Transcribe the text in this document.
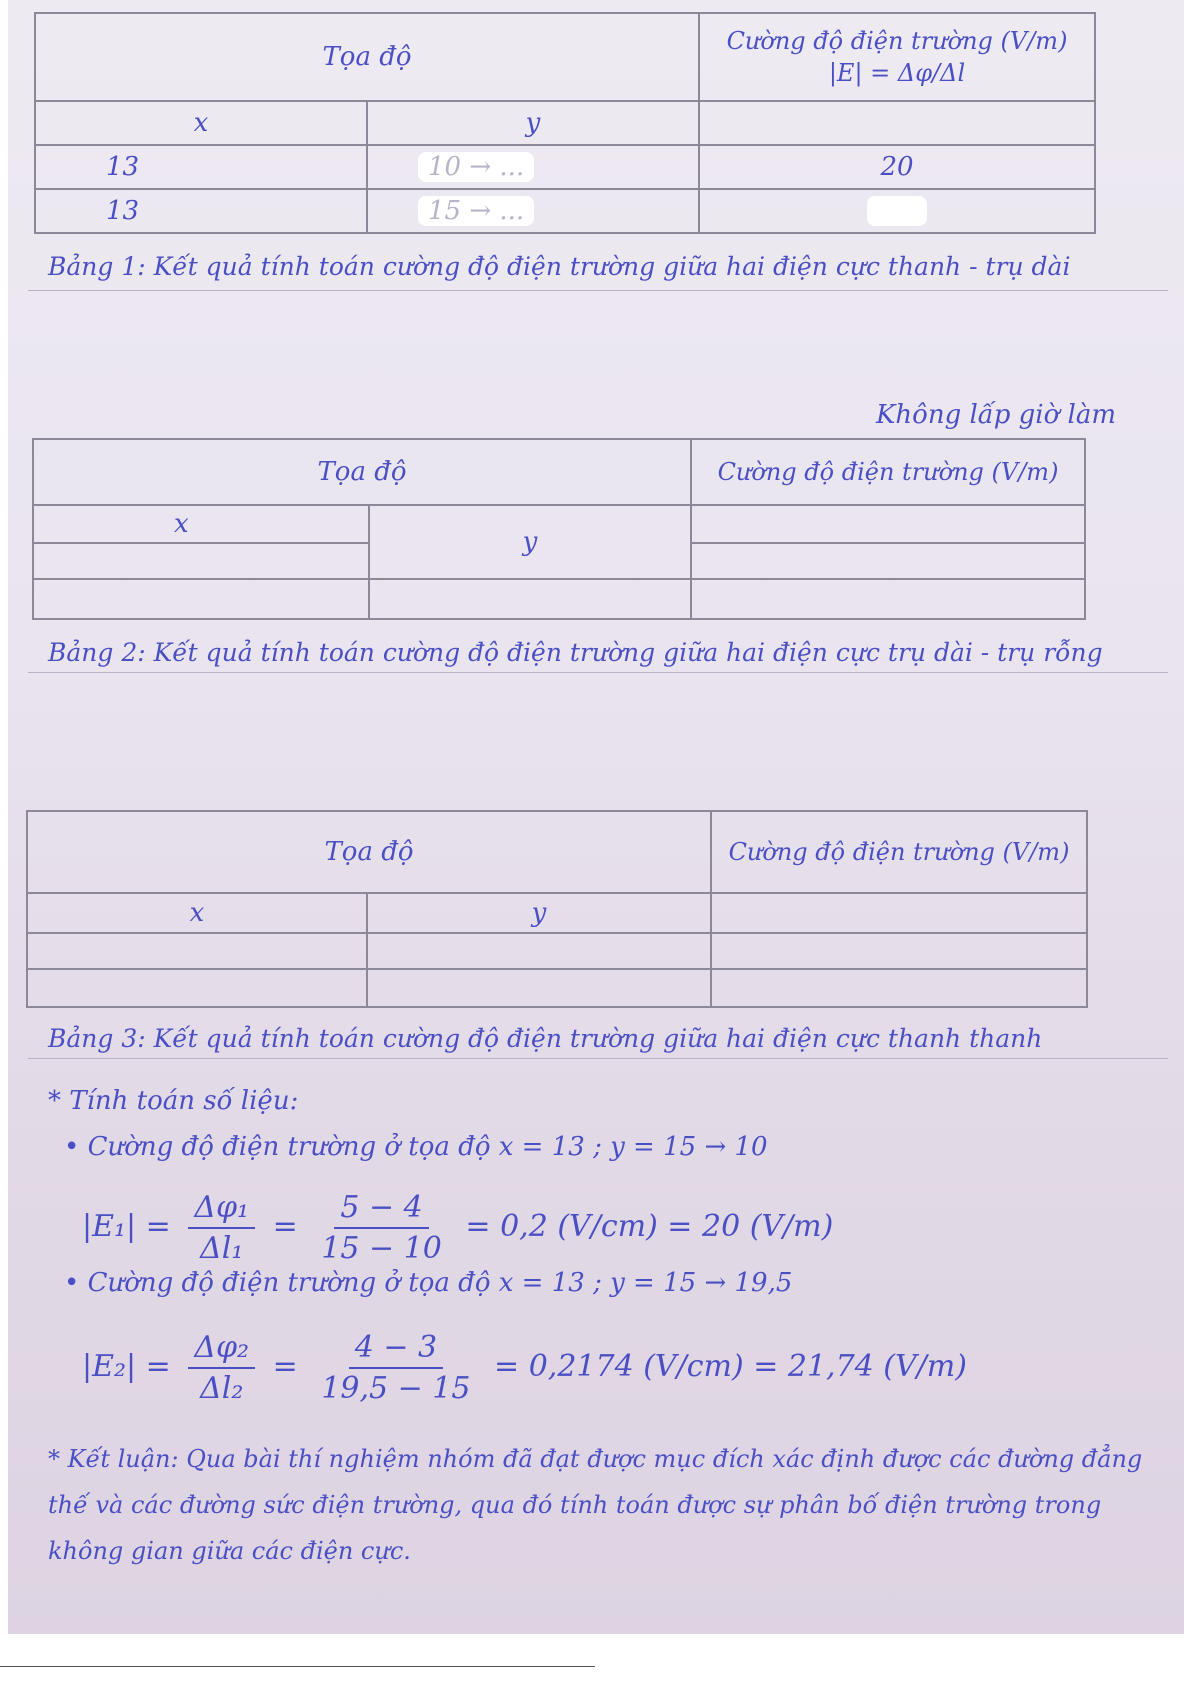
Tọa độ		Cường độ điện trường (V/m)
|E| = Δφ/Δl

x	y	
13	10 → ...	20
13	15 → ...	
Bảng 1: Kết quả tính toán cường độ điện trường giữa hai điện cực thanh - trụ dài
Không lấp giờ làm
Tọa độ		Cường độ điện trường (V/m)
x	y	

Bảng 2: Kết quả tính toán cường độ điện trường giữa hai điện cực trụ dài - trụ rỗng
Tọa độ		Cường độ điện trường (V/m)
x	y	

Bảng 3: Kết quả tính toán cường độ điện trường giữa hai điện cực thanh thanh
* Tính toán số liệu:
• Cường độ điện trường ở tọa độ x = 13 ; y = 15 → 10
$|E_1| = \frac{\text{Δφ₁}}{\text{Δl₁}} = \frac{5 - 4}{15 - 10} = 0,2$ (V/cm) = 20 (V/m)
• Cường độ điện trường ở tọa độ x = 13 ; y = 15 → 19,5
$|E_2| = \frac{\text{Δφ₂}}{\text{Δl₂}} = \frac{4 - 3}{19,5 - 15} = 0,2174$ (V/cm) = 21,74 (V/m)
* Kết luận: Qua bài thí nghiệm nhóm đã đạt được mục đích xác định được các đường đẳng thế và các đường sức điện trường, qua đó tính toán được sự phân bố điện trường trong không gian giữa các điện cực.
